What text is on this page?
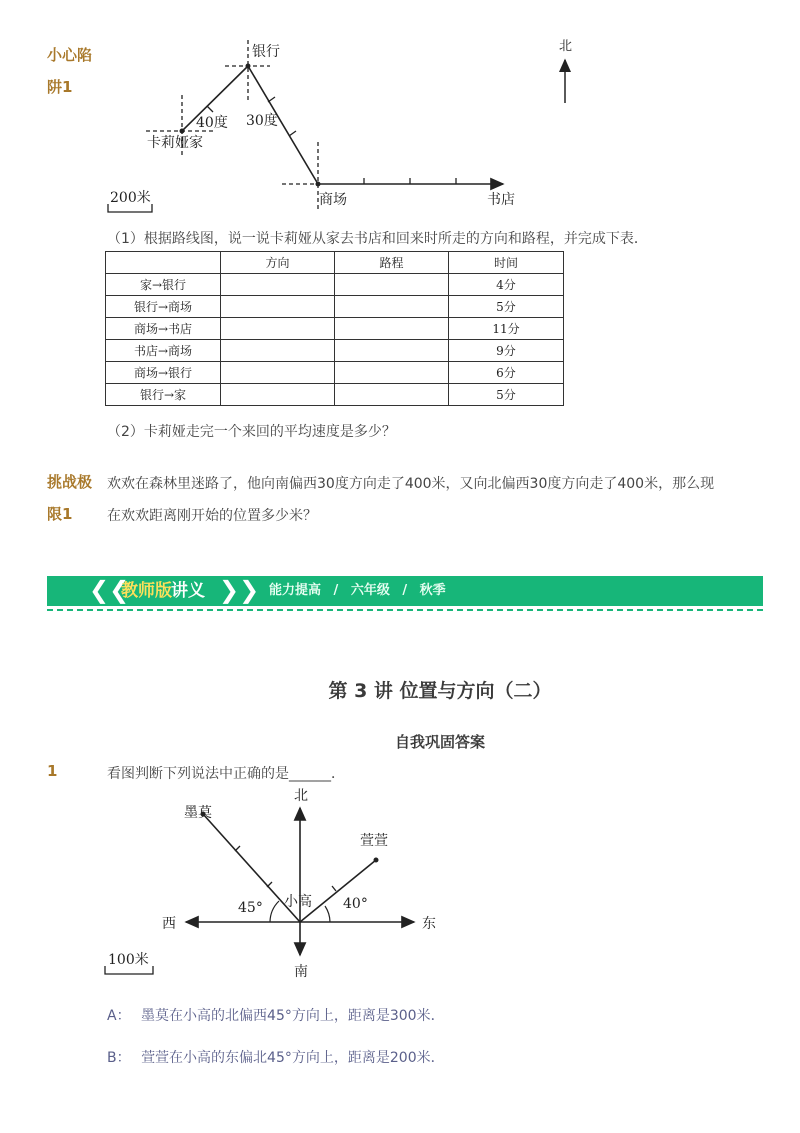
小心陷
阱1
银行
卡莉娅家
商场	书店
40度 30度
北
200米
（1）根据路线图，说一说卡莉娅从家去书店和回来时所走的方向和路程，并完成下表．
	方向	路程	时间
家→银行			4分
银行→商场			5分
商场→书店			11分
书店→商场			9分
商场→银行			6分
银行→家			5分
（2）卡莉娅走完一个来回的平均速度是多少？
挑战极
限1
欢欢在森林里迷路了，他向南偏西30度方向走了400米，又向北偏西30度方向走了400米，那么现
在欢欢距离刚开始的位置多少米？
❮❮
教师版 讲义 ❯❯ 能力提高 / 六年级 / 秋季
第 3 讲 位置与方向（二）
自我巩固答案
1	看图判断下列说法中正确的是______．
北
南
西	东
小高
墨莫
萱萱
45°	40°
100米
A： 墨莫在小高的北偏西45°方向上，距离是300米．
B： 萱萱在小高的东偏北45°方向上，距离是200米．
